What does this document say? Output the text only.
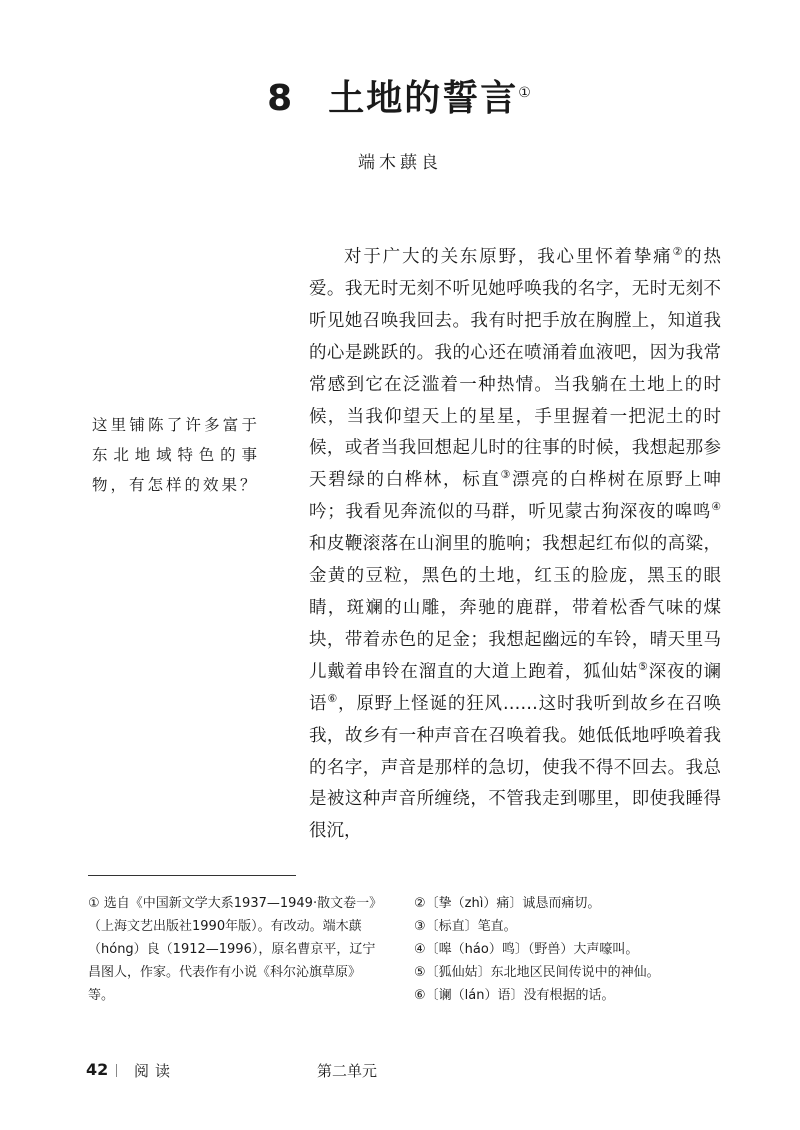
8 土地的誓言①
端木蕻良

对于广大的关东原野，我心里怀着挚痛②的热爱。我无时无刻不听见她呼唤我的名字，无时无刻不听见她召唤我回去。我有时把手放在胸膛上，知道我的心是跳跃的。我的心还在喷涌着血液吧，因为我常常感到它在泛滥着一种热情。当我躺在土地上的时候，当我仰望天上的星星，手里握着一把泥土的时候，或者当我回想起儿时的往事的时候，我想起那参天碧绿的白桦林，标直③漂亮的白桦树在原野上呻吟；我看见奔流似的马群，听见蒙古狗深夜的嗥鸣④和皮鞭滚落在山涧里的脆响；我想起红布似的高粱，金黄的豆粒，黑色的土地，红玉的脸庞，黑玉的眼睛，斑斓的山雕，奔驰的鹿群，带着松香气味的煤块，带着赤色的足金；我想起幽远的车铃，晴天里马儿戴着串铃在溜直的大道上跑着，狐仙姑⑤深夜的谰语⑥，原野上怪诞的狂风……这时我听到故乡在召唤我，故乡有一种声音在召唤着我。她低低地呼唤着我的名字，声音是那样的急切，使我不得不回去。我总是被这种声音所缠绕，不管我走到哪里，即使我睡得很沉，

这里铺陈了许多富于东北地域特色的事物，有怎样的效果？
① 选自《中国新文学大系1937—1949·散文卷一》（上海文艺出版社1990年版）。有改动。端木蕻（hóng）良（1912—1996），原名曹京平，辽宁昌图人，作家。代表作有小说《科尔沁旗草原》等。
②〔挚（zhì）痛〕诚恳而痛切。
③〔标直〕笔直。
④〔嗥（háo）鸣〕（野兽）大声嚎叫。
⑤〔狐仙姑〕东北地区民间传说中的神仙。
⑥〔谰（lán）语〕没有根据的话。
42 阅读	第二单元
